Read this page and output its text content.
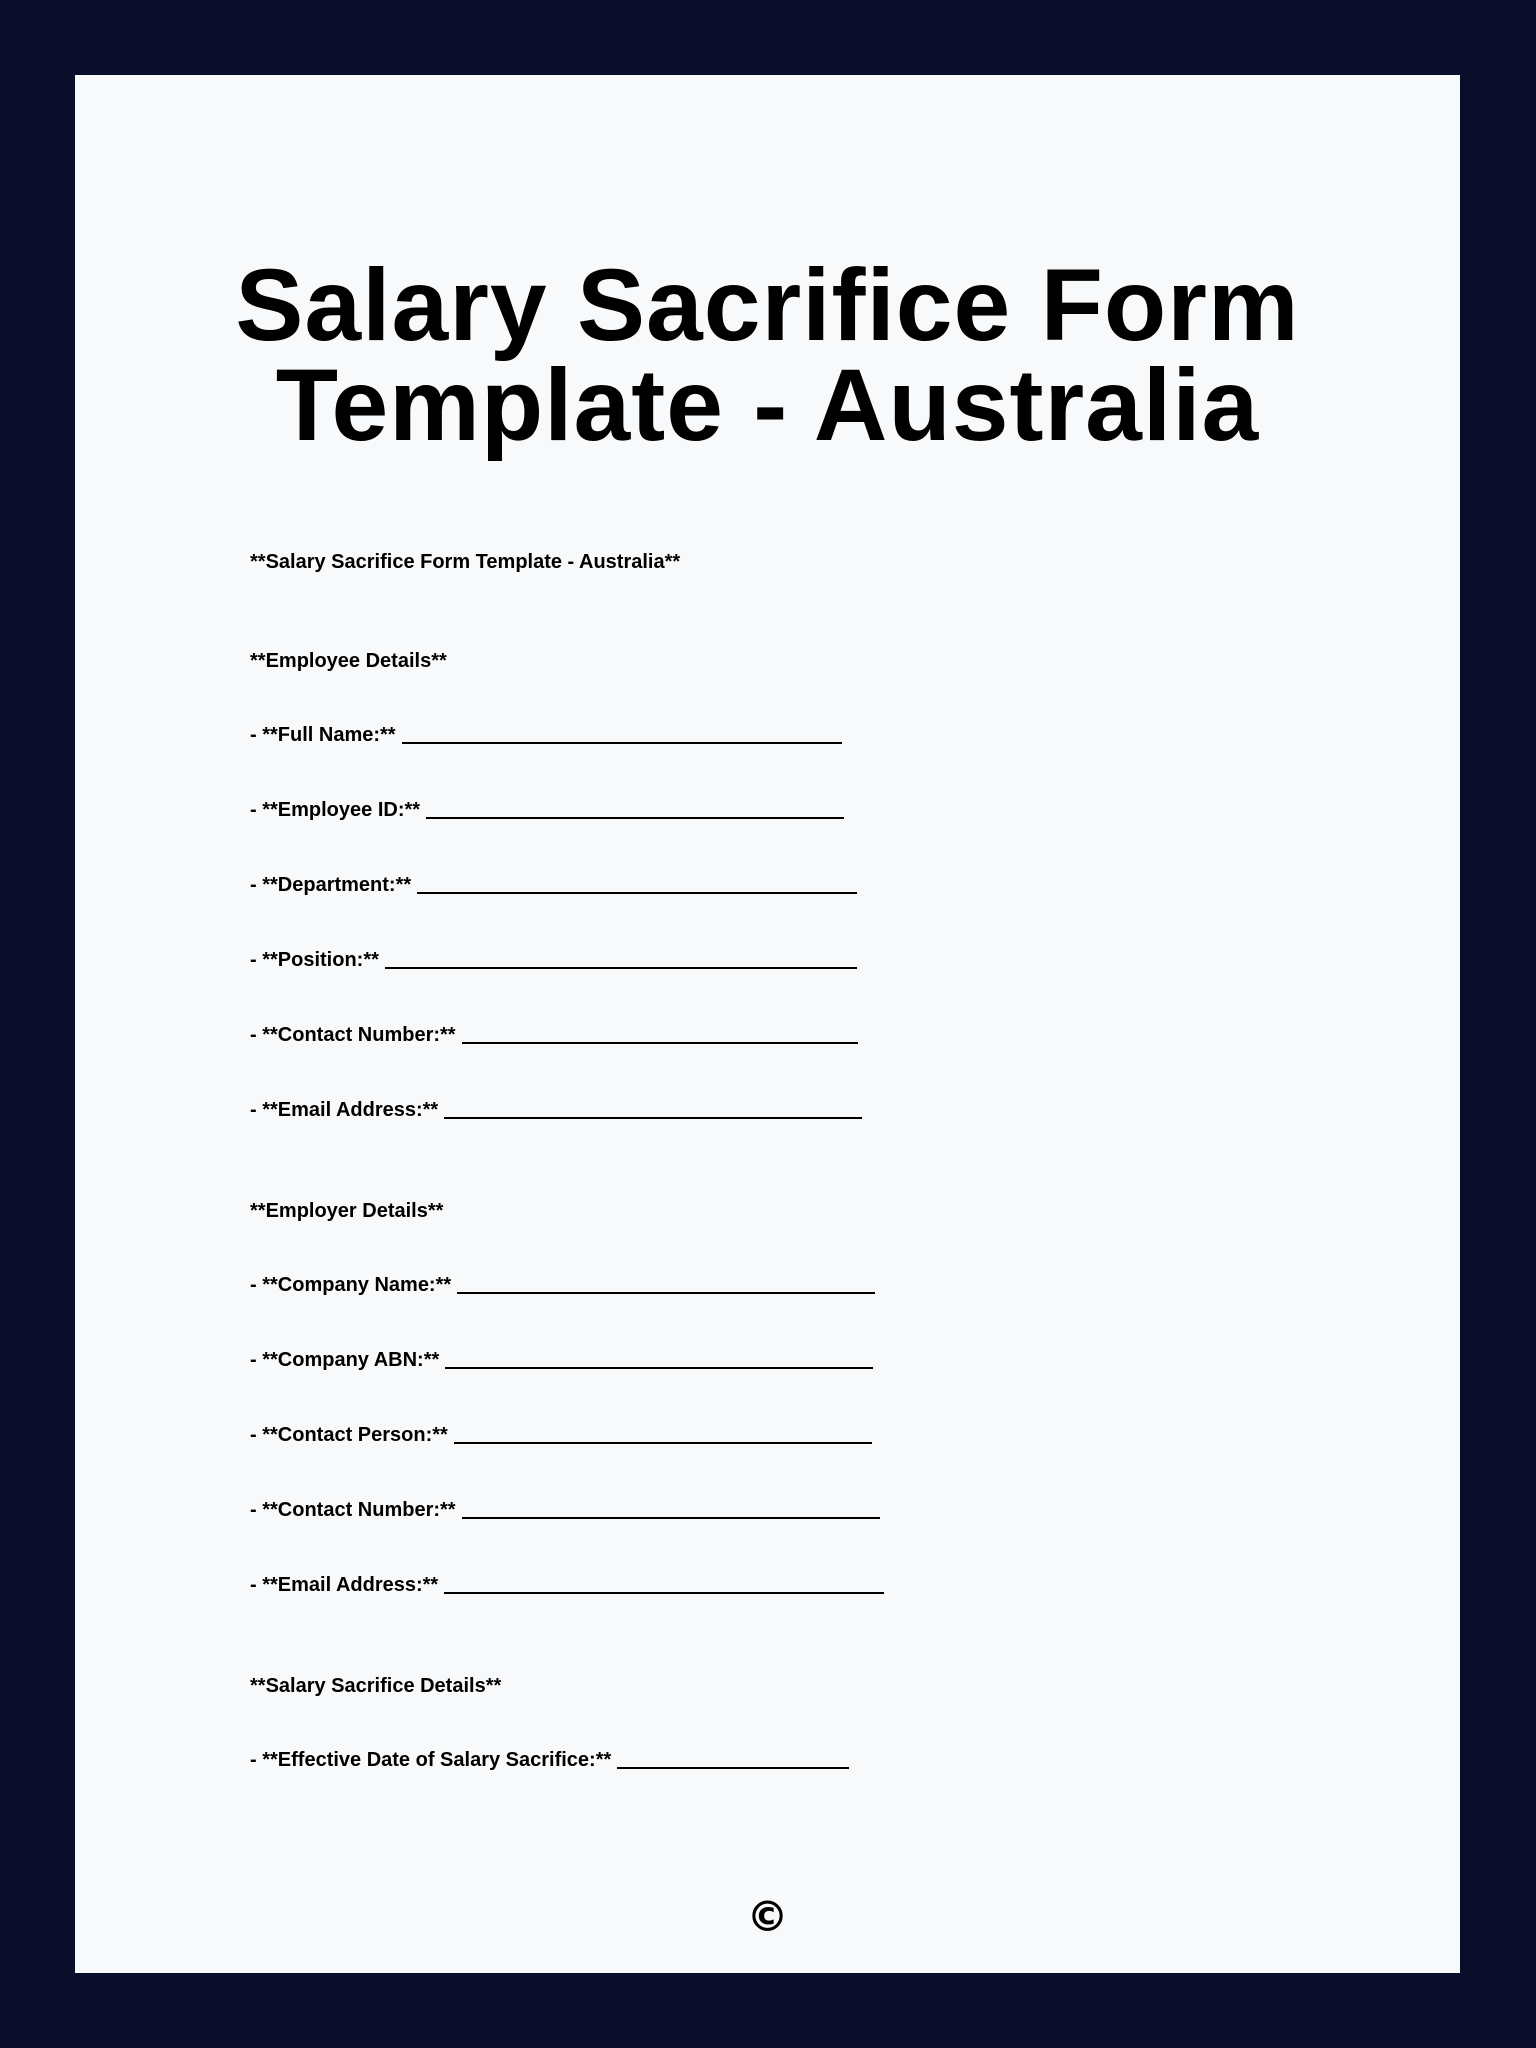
Salary Sacrifice Form
Template - Australia
**Salary Sacrifice Form Template - Australia**
**Employee Details**
- **Full Name:**
- **Employee ID:**
- **Department:**
- **Position:**
- **Contact Number:**
- **Email Address:**
**Employer Details**
- **Company Name:**
- **Company ABN:**
- **Contact Person:**
- **Contact Number:**
- **Email Address:**
**Salary Sacrifice Details**
- **Effective Date of Salary Sacrifice:**
©
